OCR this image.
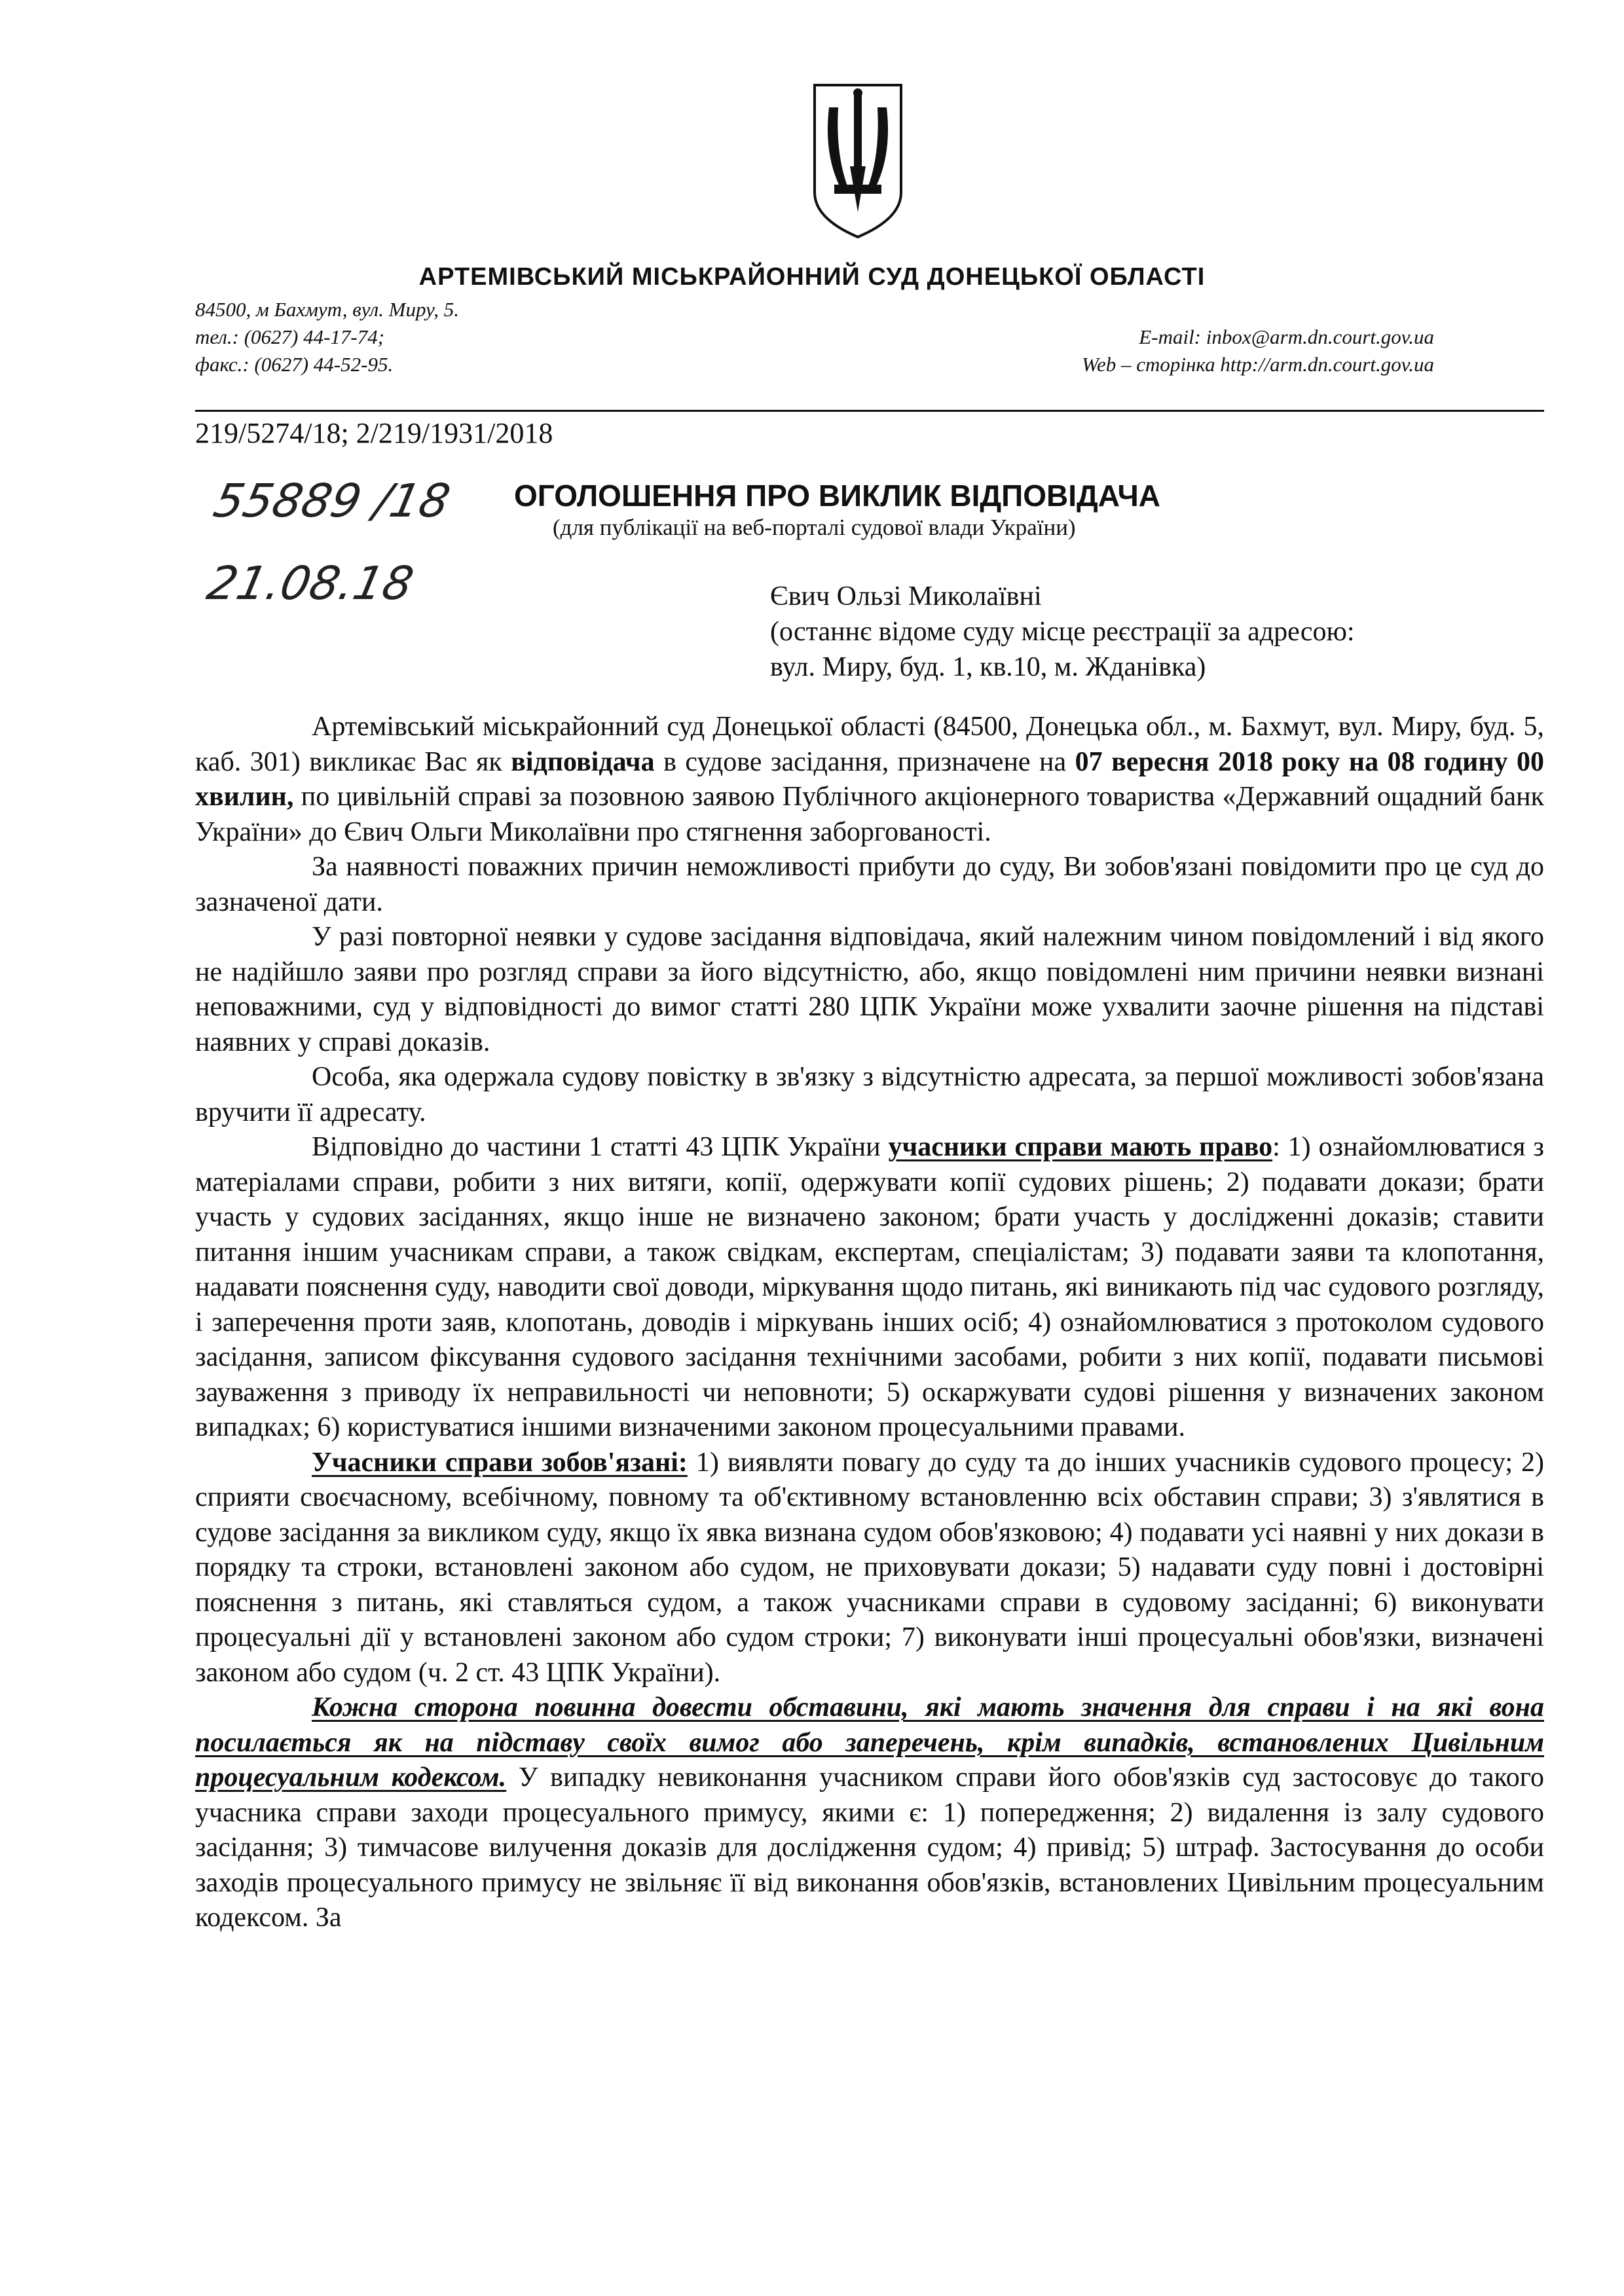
АРТЕМІВСЬКИЙ МІСЬКРАЙОННИЙ СУД ДОНЕЦЬКОЇ ОБЛАСТІ
84500, м Бахмут, вул. Миру, 5.
тел.: (0627) 44-17-74;
факс.: (0627) 44-52-95.
E-mail: inbox@arm.dn.court.gov.ua
Web – сторінка http://arm.dn.court.gov.ua
219/5274/18; 2/219/1931/2018
55889 /18
21.08.18
ОГОЛОШЕННЯ ПРО ВИКЛИК ВІДПОВІДАЧА
(для публікації на веб-порталі судової влади України)
Євич Ользі Миколаївні
(останнє відоме суду місце реєстрації за адресою:
вул. Миру, буд. 1, кв.10, м. Жданівка)

Артемівський міськрайонний суд Донецької області (84500, Донецька обл., м. Бахмут, вул. Миру, буд. 5, каб. 301) викликає Вас як відповідача в судове засідання, призначене на 07 вересня 2018 року на 08 годину 00 хвилин, по цивільній справі за позовною заявою Публічного акціонерного товариства «Державний ощадний банк України» до Євич Ольги Миколаївни про стягнення заборгованості.

За наявності поважних причин неможливості прибути до суду, Ви зобов'язані повідомити про це суд до зазначеної дати.

У разі повторної неявки у судове засідання відповідача, який належним чином повідомлений і від якого не надійшло заяви про розгляд справи за його відсутністю, або, якщо повідомлені ним причини неявки визнані неповажними, суд у відповідності до вимог статті 280 ЦПК України може ухвалити заочне рішення на підставі наявних у справі доказів.

Особа, яка одержала судову повістку в зв'язку з відсутністю адресата, за першої можливості зобов'язана вручити її адресату.

Відповідно до частини 1 статті 43 ЦПК України учасники справи мають право: 1) ознайомлюватися з матеріалами справи, робити з них витяги, копії, одержувати копії судових рішень; 2) подавати докази; брати участь у судових засіданнях, якщо інше не визначено законом; брати участь у дослідженні доказів; ставити питання іншим учасникам справи, а також свідкам, експертам, спеціалістам; 3) подавати заяви та клопотання, надавати пояснення суду, наводити свої доводи, міркування щодо питань, які виникають під час судового розгляду, і заперечення проти заяв, клопотань, доводів і міркувань інших осіб; 4) ознайомлюватися з протоколом судового засідання, записом фіксування судового засідання технічними засобами, робити з них копії, подавати письмові зауваження з приводу їх неправильності чи неповноти; 5) оскаржувати судові рішення у визначених законом випадках; 6) користуватися іншими визначеними законом процесуальними правами.

Учасники справи зобов'язані: 1) виявляти повагу до суду та до інших учасників судового процесу; 2) сприяти своєчасному, всебічному, повному та об'єктивному встановленню всіх обставин справи; 3) з'являтися в судове засідання за викликом суду, якщо їх явка визнана судом обов'язковою; 4) подавати усі наявні у них докази в порядку та строки, встановлені законом або судом, не приховувати докази; 5) надавати суду повні і достовірні пояснення з питань, які ставляться судом, а також учасниками справи в судовому засіданні; 6) виконувати процесуальні дії у встановлені законом або судом строки; 7) виконувати інші процесуальні обов'язки, визначені законом або судом (ч. 2 ст. 43 ЦПК України).

Кожна сторона повинна довести обставини, які мають значення для справи і на які вона посилається як на підставу своїх вимог або заперечень, крім випадків, встановлених Цивільним процесуальним кодексом. У випадку невиконання учасником справи його обов'язків суд застосовує до такого учасника справи заходи процесуального примусу, якими є: 1) попередження; 2) видалення із залу судового засідання; 3) тимчасове вилучення доказів для дослідження судом; 4) привід; 5) штраф. Застосування до особи заходів процесуального примусу не звільняє її від виконання обов'язків, встановлених Цивільним процесуальним кодексом. За
